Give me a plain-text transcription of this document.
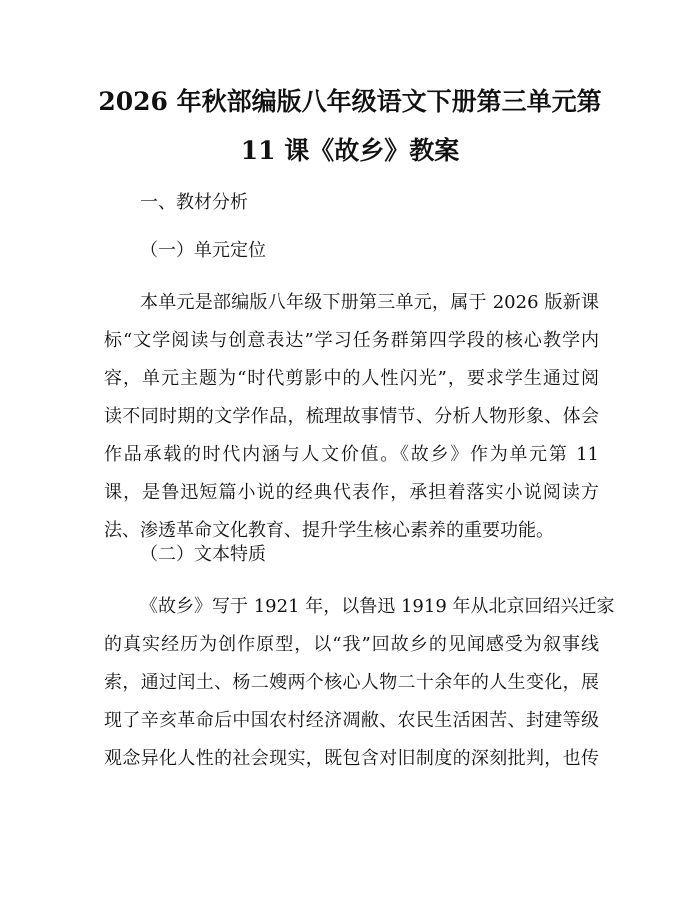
2026 年秋部编版八年级语文下册第三单元第
11 课《故乡》教案
一、教材分析
（一）单元定位
本单元是部编版八年级下册第三单元，属于 2026 版新课
标“文学阅读与创意表达”学习任务群第四学段的核心教学内
容，单元主题为“时代剪影中的人性闪光”，要求学生通过阅
读不同时期的文学作品，梳理故事情节、分析人物形象、体会
作品承载的时代内涵与人文价值。《故乡》作为单元第 11
课，是鲁迅短篇小说的经典代表作，承担着落实小说阅读方
法、渗透革命文化教育、提升学生核心素养的重要功能。
（二）文本特质
《故乡》写于 1921 年，以鲁迅 1919 年从北京回绍兴迁家
的真实经历为创作原型，以“我”回故乡的见闻感受为叙事线
索，通过闰土、杨二嫂两个核心人物二十余年的人生变化，展
现了辛亥革命后中国农村经济凋敝、农民生活困苦、封建等级
观念异化人性的社会现实，既包含对旧制度的深刻批判，也传
